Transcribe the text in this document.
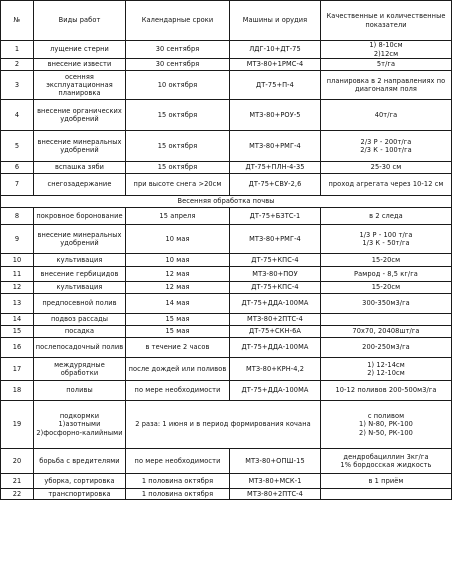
№	Виды работ	Календарные сроки	Машины и орудия	Качественные и количественные показатели
1	лущение стерни	30 сентября	ЛДГ-10+ДТ-75	1) 8-10см
2)12см
2	внесение извести	30 сентября	МТЗ-80+1РМС-4	5т/га
3	осенняя эксплуатационная планировка	10 октября	ДТ-75+П-4	планировка в 2 направлениях по диагоналям поля
4	внесение органических удобрений	15 октября	МТЗ-80+РОУ-5	40т/га
5	внесение минеральных удобрений	15 октября	МТЗ-80+РМГ-4	2/3 Р - 200т/га
2/3 К - 100т/га
6	вспашка зяби	15 октября	ДТ-75+ПЛН-4-35	25-30 см
7	снегозадержание	при высоте снега >20см	ДТ-75+СВУ-2,6	проход агрегата через 10-12 см
Весенняя обработка почвы				
8	покровное боронование	15 апреля	ДТ-75+БЗТС-1	в 2 следа
9	внесение минеральных удобрений	10 мая	МТЗ-80+РМГ-4	1/3 Р - 100 т/га
1/3 К - 50т/га
10	культивация	10 мая	ДТ-75+КПС-4	15-20см
11	внесение гербицидов	12 мая	МТЗ-80+ПОУ	Рамрод - 8,5 кг/га
12	культивация	12 мая	ДТ-75+КПС-4	15-20см
13	предпосевной полив	14 мая	ДТ-75+ДДА-100МА	300-350м3/га
14	подвоз рассады	15 мая	МТЗ-80+2ПТС-4	
15	посадка	15 мая	ДТ-75+СКН-6А	70х70, 20408шт/га
16	послепосадочный полив	в течение 2 часов	ДТ-75+ДДА-100МА	200-250м3/га
17	междурядные обработки	после дождей или поливов	МТЗ-80+КРН-4,2	1) 12-14см
2) 12-10см
18	поливы	по мере необходимости	ДТ-75+ДДА-100МА	10-12 поливов 200-500м3/га
19	подкормки
1)азотными
2)фосфорно-калийными	2 раза: 1 июня и в период формирования кочана		с поливом
1) N-80, РК-100
2) N-50, РК-100
20	борьба с вредителями	по мере необходимости	МТЗ-80+ОПШ-15	дендробациллин 3кг/га
1% бордосская жидкость
21	уборка, сортировка	1 половина октября	МТЗ-80+МСК-1	в 1 приём
22	транспортировка	1 половина октября	МТЗ-80+2ПТС-4	
